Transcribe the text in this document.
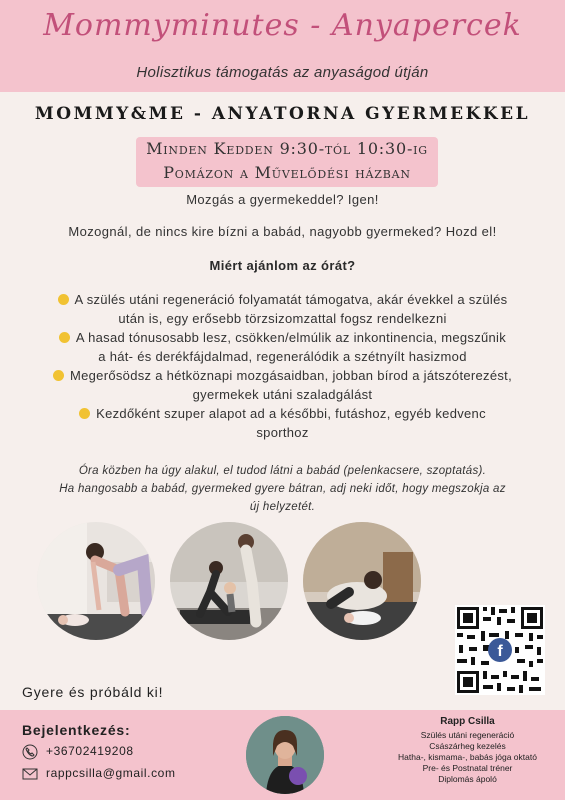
Mommyminutes - Anyapercek
Holisztikus támogatás az anyaságod útján
MOMMY&ME - ANYATORNA GYERMEKKEL
Minden Kedden 9:30-tól 10:30-ig
Pomázon a Művelődési házban
Mozgás a gyermekeddel? Igen!
Mozognál, de nincs kire bízni a babád, nagyobb gyermeked? Hozd el!
Miért ajánlom az órát?

A szülés utáni regeneráció folyamatát támogatva, akár évekkel a szülés
után is, egy erősebb törzsizomzattal fogsz rendelkezni

A hasad tónusosabb lesz, csökken/elmúlik az inkontinencia, megszűnik
a hát- és derékfájdalmad, regenerálódik a szétnyílt hasizmod

Megerősödsz a hétköznapi mozgásaidban, jobban bírod a játszóterezést,
gyermekek utáni szaladgálást

Kezdőként szuper alapot ad a későbbi, futáshoz, egyéb kedvenc
sporthoz

Óra közben ha úgy alakul, el tudod látni a babád (pelenkacsere, szoptatás).
Ha hangosabb a babád, gyermeked gyere bátran, adj neki időt, hogy megszokja az
új helyzetét.
f
Gyere és próbáld ki!
Bejelentkezés:
+36702419208
rappcsilla@gmail.com
Rapp Csilla
Szülés utáni regeneráció
Császárheg kezelés
Hatha-, kismama-, babás jóga oktató
Pre- és Postnatal tréner
Diplomás ápoló
